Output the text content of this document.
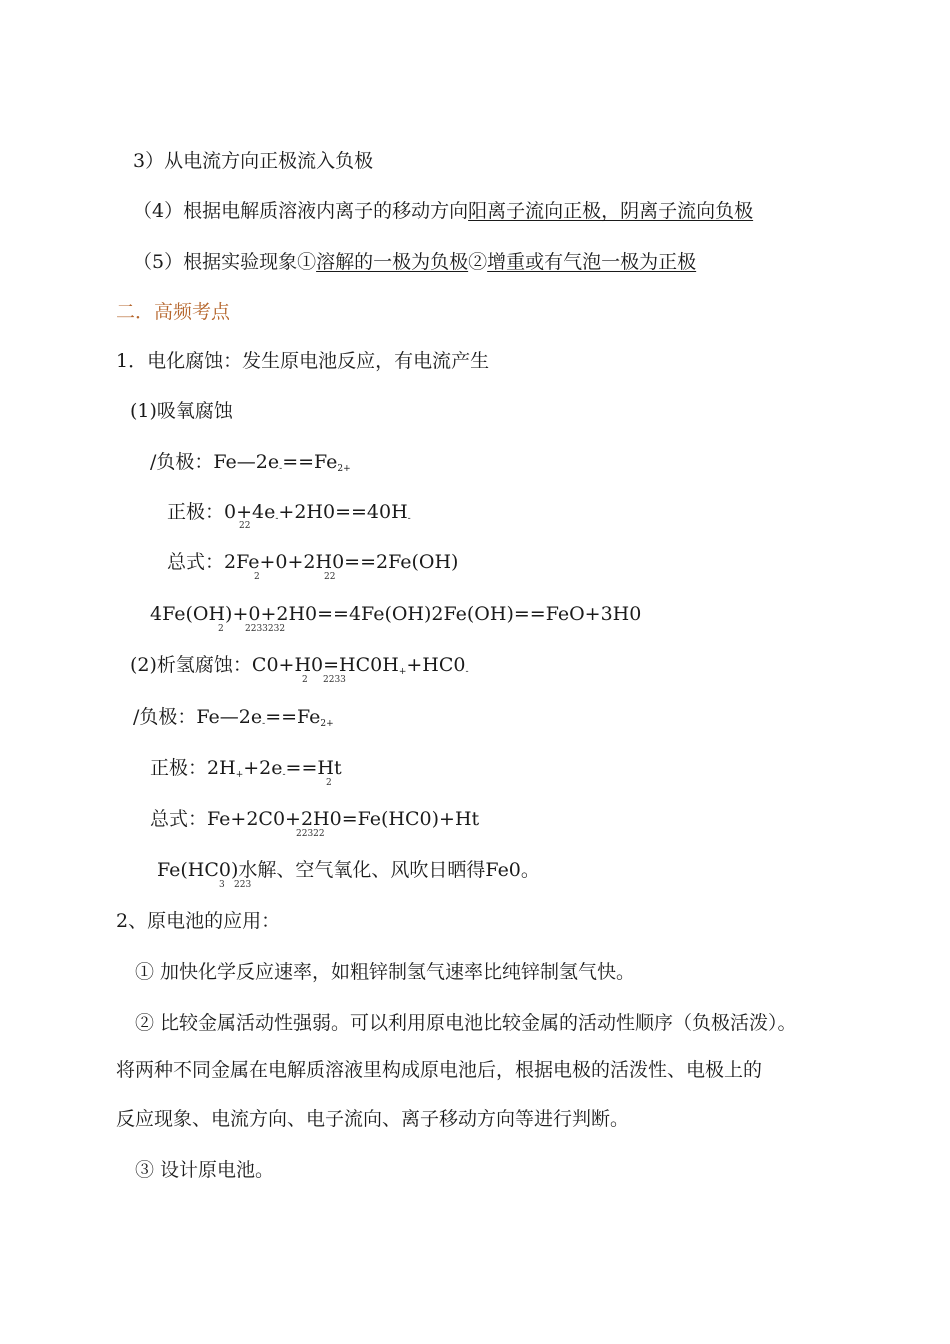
3）从电流方向正极流入负极
（4）根据电解质溶液内离子的移动方向阳离子流向正极，阴离子流向负极
（5）根据实验现象①溶解的一极为负极②增重或有气泡一极为正极
二．高频考点
1．电化腐蚀：发生原电池反应，有电流产生
(1)吸氧腐蚀
/负极：Fe—2e-==Fe2+
正极：0+4e-+2H0==40H-
22
总式：2Fe+0+2H0==2Fe(OH)
2	22
4Fe(OH)+0+2H0==4Fe(OH)2Fe(OH)==FeO+3H0
2 2233232
(2)析氢腐蚀：C0+H0=HC0H++HC0-
2 2233
/负极：Fe—2e-==Fe2+
正极：2H++2e-==Ht
2
总式：Fe+2C0+2H0=Fe(HC0)+Ht
22322
Fe(HC0)水解、空气氧化、风吹日晒得Fe0。
3 223
2、原电池的应用：
① 加快化学反应速率，如粗锌制氢气速率比纯锌制氢气快。
② 比较金属活动性强弱。可以利用原电池比较金属的活动性顺序（负极活泼）。
将两种不同金属在电解质溶液里构成原电池后，根据电极的活泼性、电极上的
反应现象、电流方向、电子流向、离子移动方向等进行判断。
③ 设计原电池。
